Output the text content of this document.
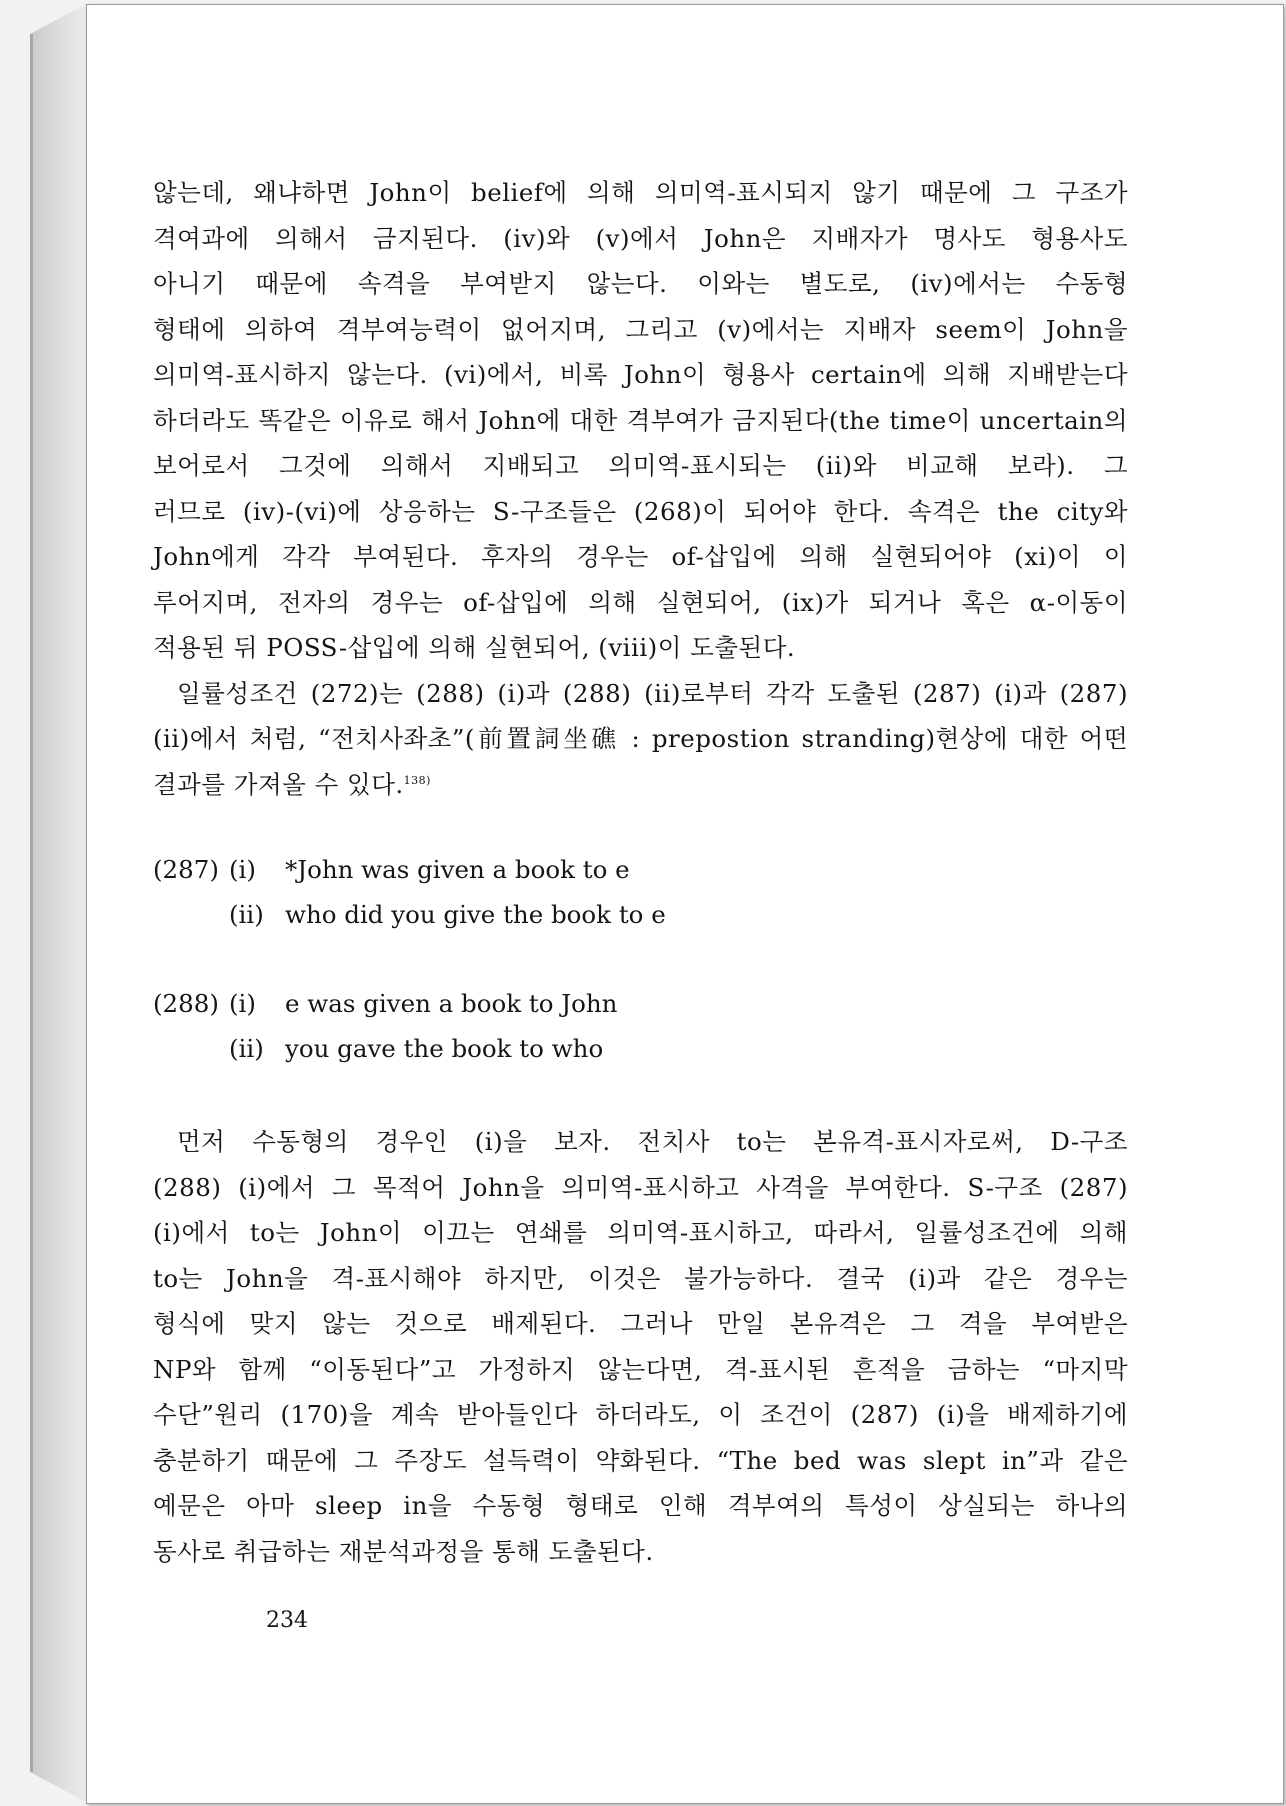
않는데, 왜냐하면 John이 belief에 의해 의미역-표시되지 않기 때문에 그 구조가

격여과에 의해서 금지된다. (iv)와 (v)에서 John은 지배자가 명사도 형용사도

아니기 때문에 속격을 부여받지 않는다. 이와는 별도로, (iv)에서는 수동형

형태에 의하여 격부여능력이 없어지며, 그리고 (v)에서는 지배자 seem이 John을

의미역-표시하지 않는다. (vi)에서, 비록 John이 형용사 certain에 의해 지배받는다

하더라도 똑같은 이유로 해서 John에 대한 격부여가 금지된다(the time이 uncertain의

보어로서 그것에 의해서 지배되고 의미역-표시되는 (ii)와 비교해 보라). 그

러므로 (iv)-(vi)에 상응하는 S-구조들은 (268)이 되어야 한다. 속격은 the city와

John에게 각각 부여된다. 후자의 경우는 of-삽입에 의해 실현되어야 (xi)이 이

루어지며, 전자의 경우는 of-삽입에 의해 실현되어, (ix)가 되거나 혹은 α-이동이

적용된 뒤 POSS-삽입에 의해 실현되어, (viii)이 도출된다.

일률성조건 (272)는 (288) (i)과 (288) (ii)로부터 각각 도출된 (287) (i)과 (287)

(ii)에서 처럼, “전치사좌초”(前置詞坐礁 : prepostion stranding)현상에 대한 어떤

결과를 가져올 수 있다.$^{138)}$

(287) (i)	*John was given a book to e
(ii) who did you give the book to e
(288) (i)	e was given a book to John
(ii) you gave the book to who

먼저 수동형의 경우인 (i)을 보자. 전치사 to는 본유격-표시자로써, D-구조

(288) (i)에서 그 목적어 John을 의미역-표시하고 사격을 부여한다. S-구조 (287)

(i)에서 to는 John이 이끄는 연쇄를 의미역-표시하고, 따라서, 일률성조건에 의해

to는 John을 격-표시해야 하지만, 이것은 불가능하다. 결국 (i)과 같은 경우는

형식에 맞지 않는 것으로 배제된다. 그러나 만일 본유격은 그 격을 부여받은

NP와 함께 “이동된다”고 가정하지 않는다면, 격-표시된 흔적을 금하는 “마지막

수단”원리 (170)을 계속 받아들인다 하더라도, 이 조건이 (287) (i)을 배제하기에

충분하기 때문에 그 주장도 설득력이 약화된다. “The bed was slept in”과 같은

예문은 아마 sleep in을 수동형 형태로 인해 격부여의 특성이 상실되는 하나의

동사로 취급하는 재분석과정을 통해 도출된다.

234
